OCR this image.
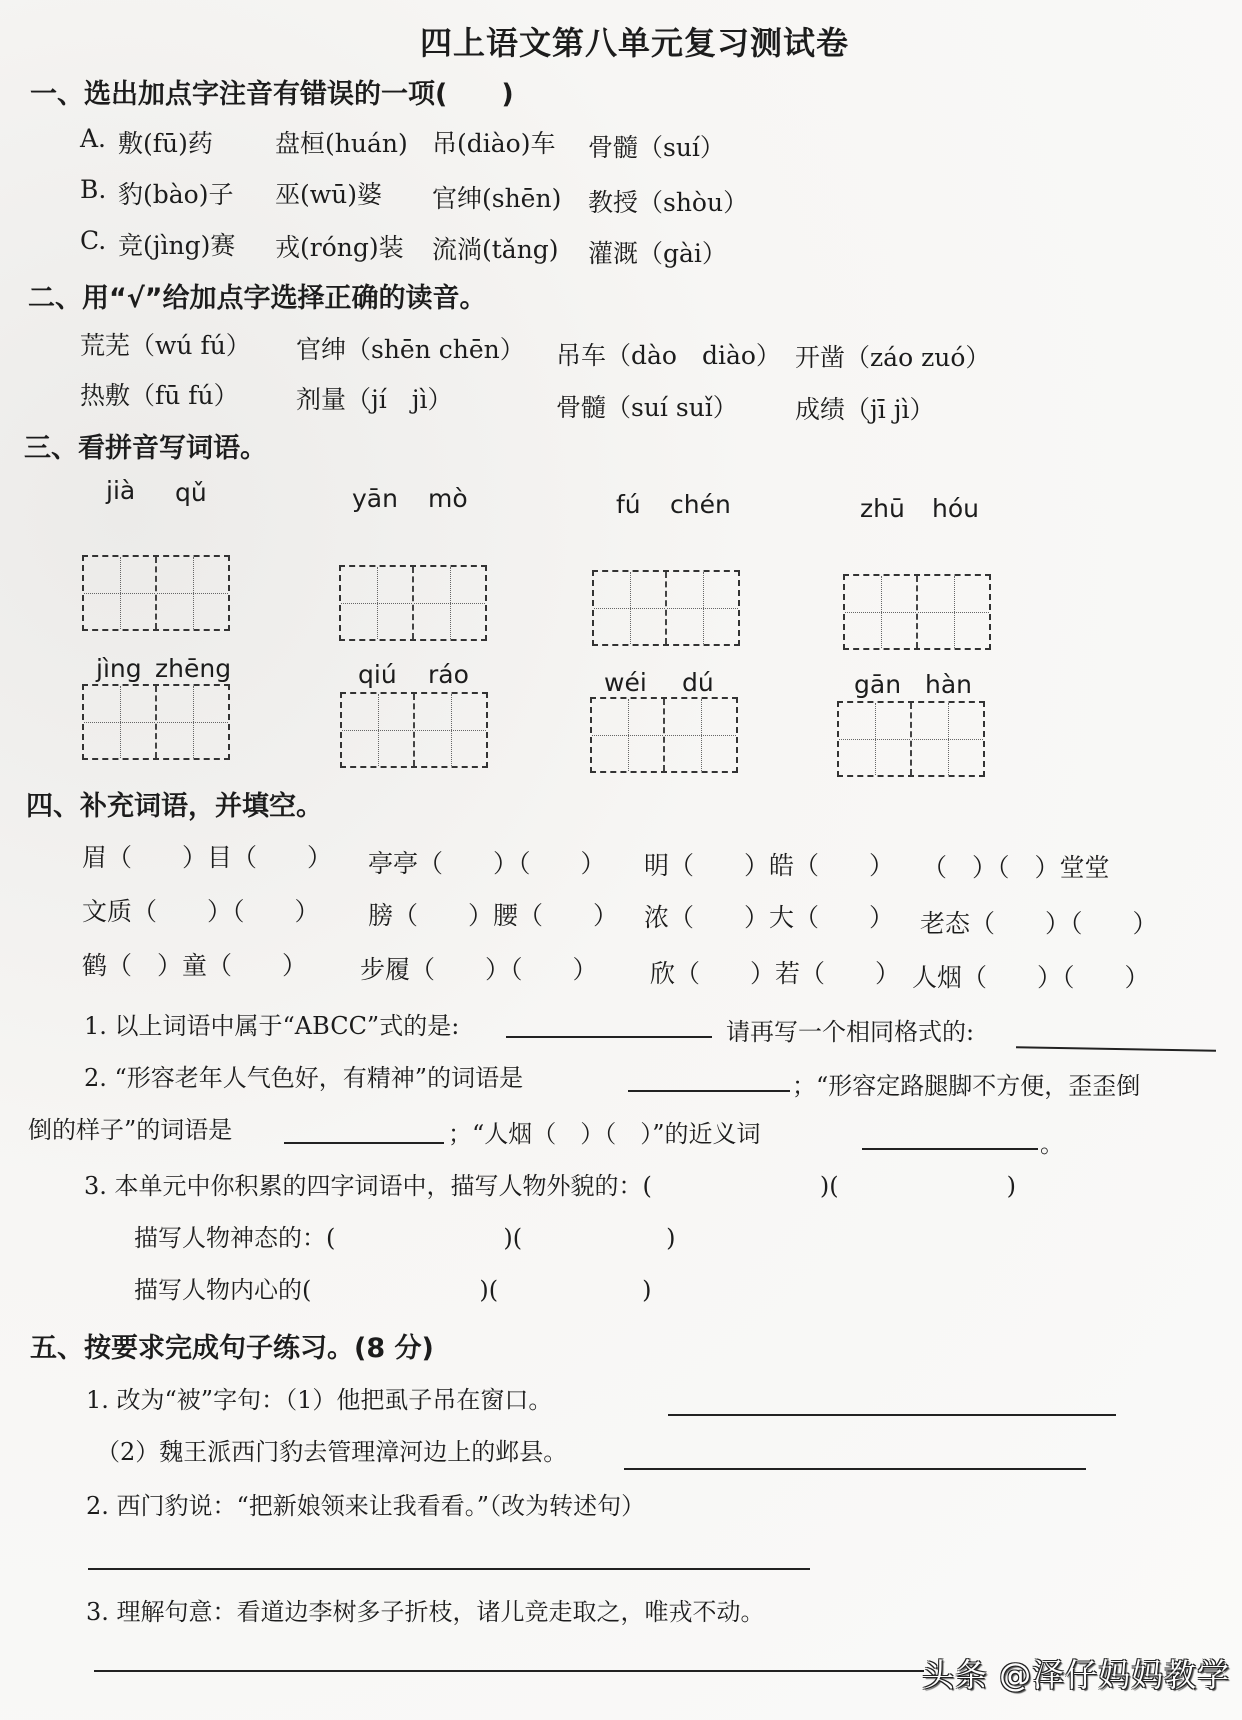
四上语文第八单元复习测试卷
一、选出加点字注音有错误的一项(　　)
A. 敷(fū)药 盘桓(huán) 吊(diào)车 骨髓（suí）
B. 豹(bào)子 巫(wū)婆 官绅(shēn) 教授（shòu）
C. 竞(jìng)赛 戎(róng)装 流淌(tǎng) 灌溉（gài）
二、用“√”给加点字选择正确的读音。
荒芜（wú fú） 官绅（shēn chēn） 吊车（dào　diào） 开凿（záo zuó）
热敷（fū fú） 剂量（jí　jì）	骨髓（suí suǐ） 成绩（jī jì）
三、看拼音写词语。
jià qǔ	yān mò	fú chén	zhū hóu
jìng zhēng	qiú ráo	wéi dú	gān hàn
四、补充词语，并填空。
眉（　　）目（　　） 亭亭（　　）（　　） 明（　　）皓（　　） （　）（　）堂堂
文质（　　）（　　） 膀（　　）腰（　　） 浓（　　）大（　　） 老态（　　）（　　）
鹤（　）童（　　） 步履（　　）（　　） 欣（　　）若（　　） 人烟（　　）（　　）
1. 以上词语中属于“ABCC”式的是:	请再写一个相同格式的:
2. “形容老年人气色好，有精神”的词语是	；“形容定路腿脚不方便，歪歪倒
倒的样子”的词语是	；“人烟（　）（　）”的近义词	。
3. 本单元中你积累的四字词语中，描写人物外貌的：(　　　　　　　)(　　　　　　　)
描写人物神态的：(　　　　　　　)(　　　　　　)
描写人物内心的(　　　　　　　)(　　　　　　)
五、按要求完成句子练习。(8 分)
1. 改为“被”字句：（1）他把虱子吊在窗口。
（2）魏王派西门豹去管理漳河边上的邺县。
2. 西门豹说：“把新娘领来让我看看。”（改为转述句）
3. 理解句意：看道边李树多子折枝，诸儿竞走取之，唯戎不动。
头条 @泽仔妈妈教学
